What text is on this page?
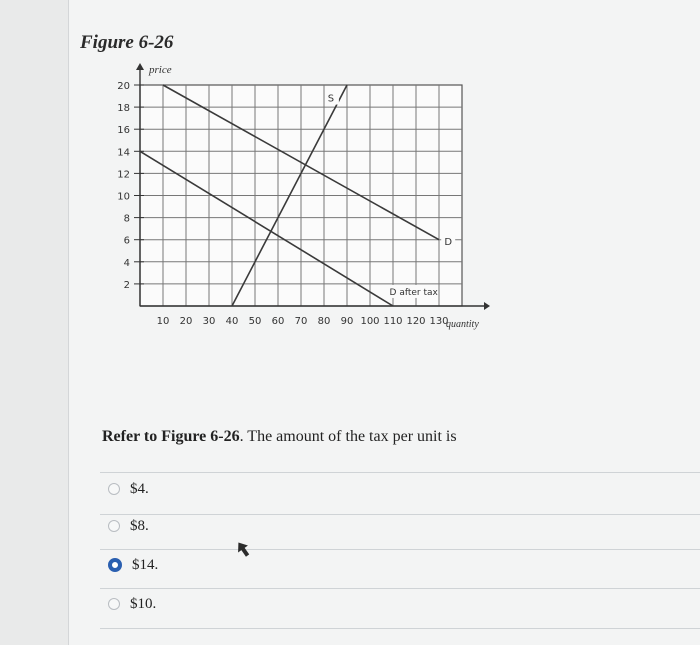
Figure 6-26
2
4
6
8
10
12
14
16
18
20
10 20 30 40 50 60 70 80 90 100 110 120 130
price
quantity
S
D
D after tax
Refer to Figure 6-26. The amount of the tax per unit is
$4.
$8.
$14.
$10.
